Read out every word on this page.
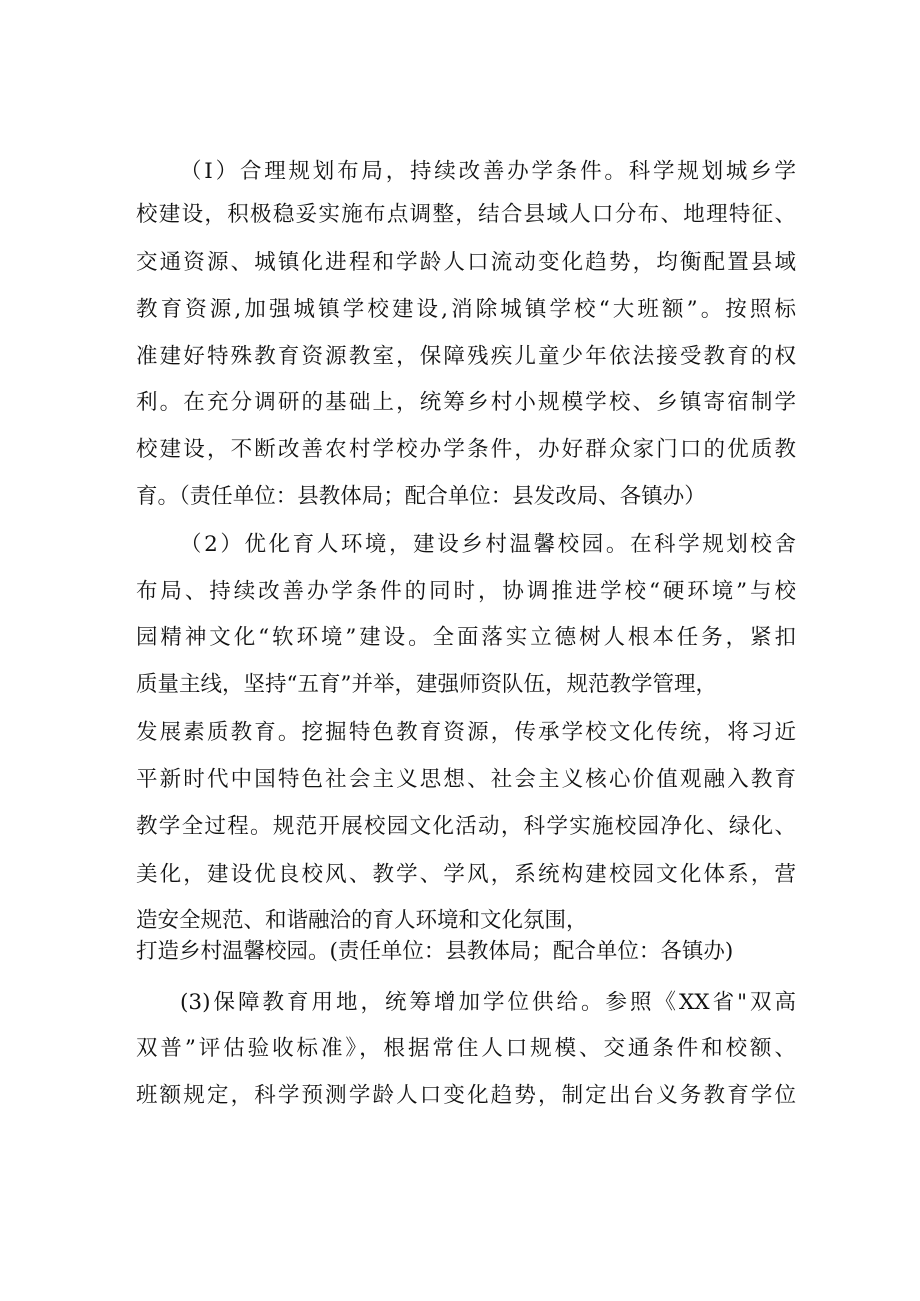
（I）合理规划布局，持续改善办学条件。科学规划城乡学
校建设，积极稳妥实施布点调整，结合县域人口分布、地理特征、
交通资源、城镇化进程和学龄人口流动变化趋势，均衡配置县域
教育资源,加强城镇学校建设,消除城镇学校“大班额”。按照标
准建好特殊教育资源教室，保障残疾儿童少年依法接受教育的权
利。在充分调研的基础上，统筹乡村小规模学校、乡镇寄宿制学
校建设，不断改善农村学校办学条件，办好群众家门口的优质教
育。（责任单位：县教体局；配合单位：县发改局、各镇办）
（2）优化育人环境，建设乡村温馨校园。在科学规划校舍
布局、持续改善办学条件的同时，协调推进学校“硬环境”与校
园精神文化“软环境”建设。全面落实立德树人根本任务，紧扣
质量主线，坚持“五育”并举，建强师资队伍，规范教学管理，
发展素质教育。挖掘特色教育资源，传承学校文化传统，将习近
平新时代中国特色社会主义思想、社会主义核心价值观融入教育
教学全过程。规范开展校园文化活动，科学实施校园净化、绿化、
美化，建设优良校风、教学、学风，系统构建校园文化体系，营
造安全规范、和谐融洽的育人环境和文化氛围，
打造乡村温馨校园。(责任单位：县教体局；配合单位：各镇办)
(3)保障教育用地，统筹增加学位供给。参照《XX省"双高
双普”评估验收标准》，根据常住人口规模、交通条件和校额、
班额规定，科学预测学龄人口变化趋势，制定出台义务教育学位
